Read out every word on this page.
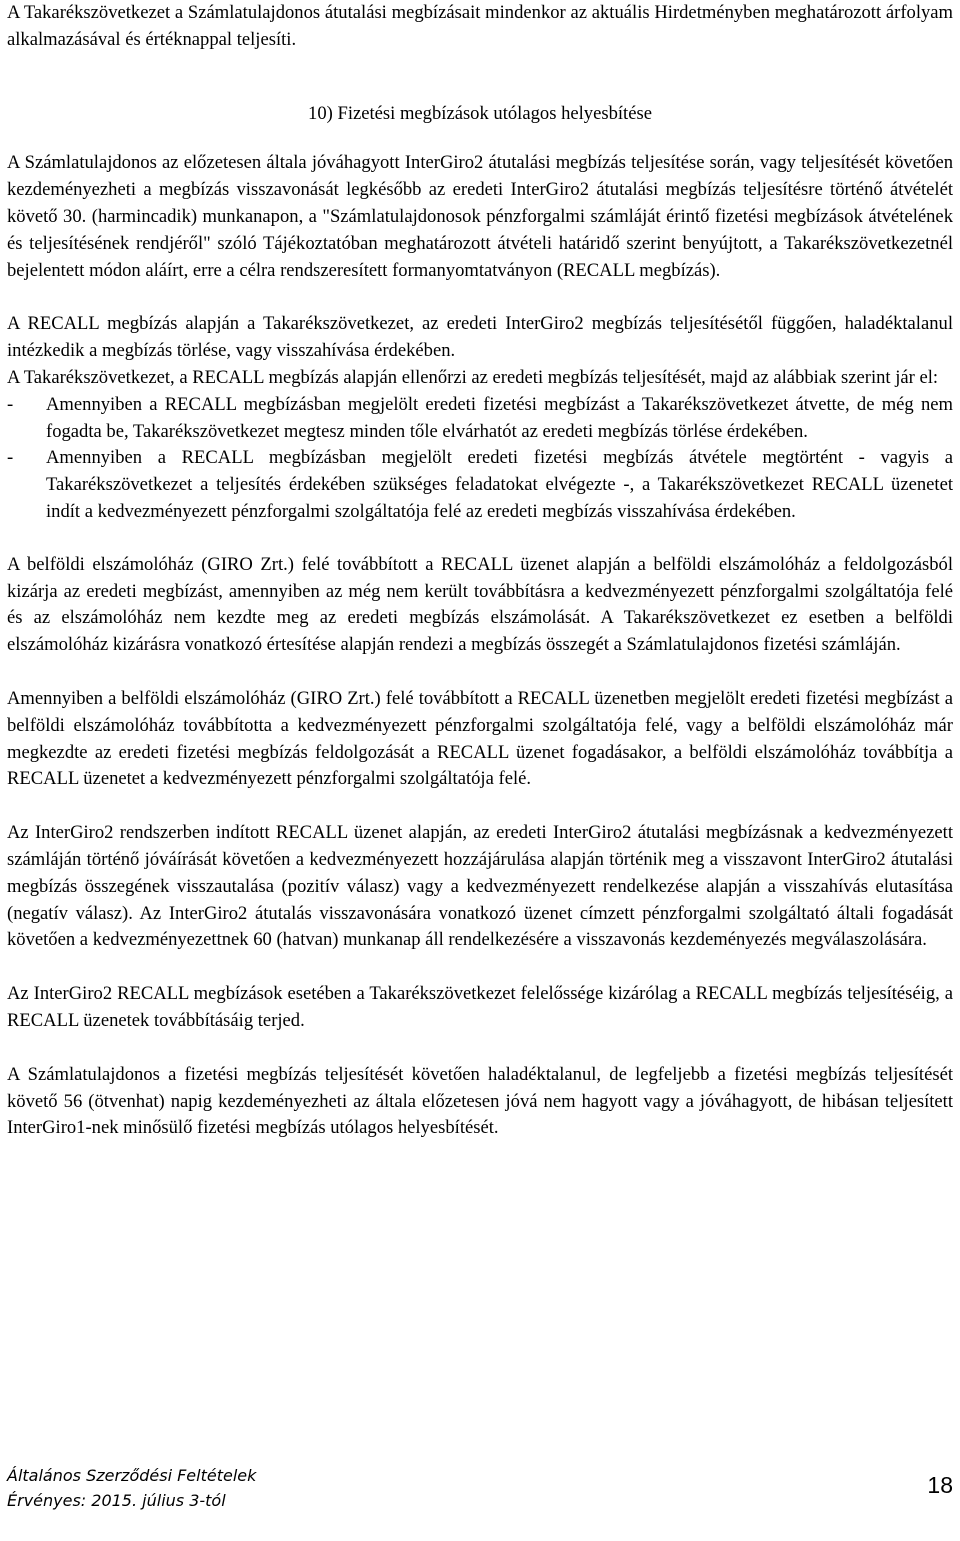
A Takarékszövetkezet a Számlatulajdonos átutalási megbízásait mindenkor az aktuális Hirdetményben meghatározott árfolyam alkalmazásával és értéknappal teljesíti.

10) Fizetési megbízások utólagos helyesbítése

A Számlatulajdonos az előzetesen általa jóváhagyott InterGiro2 átutalási megbízás teljesítése során, vagy teljesítését követően kezdeményezheti a megbízás visszavonását legkésőbb az eredeti InterGiro2 átutalási megbízás teljesítésre történő átvételét követő 30. (harmincadik) munkanapon, a "Számlatulajdonosok pénzforgalmi számláját érintő fizetési megbízások átvételének és teljesítésének rendjéről" szóló Tájékoztatóban meghatározott átvételi határidő szerint benyújtott, a Takarékszövetkezetnél bejelentett módon aláírt, erre a célra rendszeresített formanyomtatványon (RECALL megbízás).

A RECALL megbízás alapján a Takarékszövetkezet, az eredeti InterGiro2 megbízás teljesítésétől függően, haladéktalanul intézkedik a megbízás törlése, vagy visszahívása érdekében.

A Takarékszövetkezet, a RECALL megbízás alapján ellenőrzi az eredeti megbízás teljesítését, majd az alábbiak szerint jár el:

- Amennyiben a RECALL megbízásban megjelölt eredeti fizetési megbízást a Takarékszövetkezet átvette, de még nem fogadta be, Takarékszövetkezet megtesz minden tőle elvárhatót az eredeti megbízás törlése érdekében.
- Amennyiben a RECALL megbízásban megjelölt eredeti fizetési megbízás átvétele megtörtént - vagyis a Takarékszövetkezet a teljesítés érdekében szükséges feladatokat elvégezte -, a Takarékszövetkezet RECALL üzenetet indít a kedvezményezett pénzforgalmi szolgáltatója felé az eredeti megbízás visszahívása érdekében.

A belföldi elszámolóház (GIRO Zrt.) felé továbbított a RECALL üzenet alapján a belföldi elszámolóház a feldolgozásból kizárja az eredeti megbízást, amennyiben az még nem került továbbításra a kedvezményezett pénzforgalmi szolgáltatója felé és az elszámolóház nem kezdte meg az eredeti megbízás elszámolását. A Takarékszövetkezet ez esetben a belföldi elszámolóház kizárásra vonatkozó értesítése alapján rendezi a megbízás összegét a Számlatulajdonos fizetési számláján.

Amennyiben a belföldi elszámolóház (GIRO Zrt.) felé továbbított a RECALL üzenetben megjelölt eredeti fizetési megbízást a belföldi elszámolóház továbbította a kedvezményezett pénzforgalmi szolgáltatója felé, vagy a belföldi elszámolóház már megkezdte az eredeti fizetési megbízás feldolgozását a RECALL üzenet fogadásakor, a belföldi elszámolóház továbbítja a RECALL üzenetet a kedvezményezett pénzforgalmi szolgáltatója felé.

Az InterGiro2 rendszerben indított RECALL üzenet alapján, az eredeti InterGiro2 átutalási megbízásnak a kedvezményezett számláján történő jóváírását követően a kedvezményezett hozzájárulása alapján történik meg a visszavont InterGiro2 átutalási megbízás összegének visszautalása (pozitív válasz) vagy a kedvezményezett rendelkezése alapján a visszahívás elutasítása (negatív válasz). Az InterGiro2 átutalás visszavonására vonatkozó üzenet címzett pénzforgalmi szolgáltató általi fogadását követően a kedvezményezettnek 60 (hatvan) munkanap áll rendelkezésére a visszavonás kezdeményezés megválaszolására.

Az InterGiro2 RECALL megbízások esetében a Takarékszövetkezet felelőssége kizárólag a RECALL megbízás teljesítéséig, a RECALL üzenetek továbbításáig terjed.

A Számlatulajdonos a fizetési megbízás teljesítését követően haladéktalanul, de legfeljebb a fizetési megbízás teljesítését követő 56 (ötvenhat) napig kezdeményezheti az általa előzetesen jóvá nem hagyott vagy a jóváhagyott, de hibásan teljesített InterGiro1-nek minősülő fizetési megbízás utólagos helyesbítését.

Általános Szerződési Feltételek
Érvényes: 2015. július 3-tól
18
